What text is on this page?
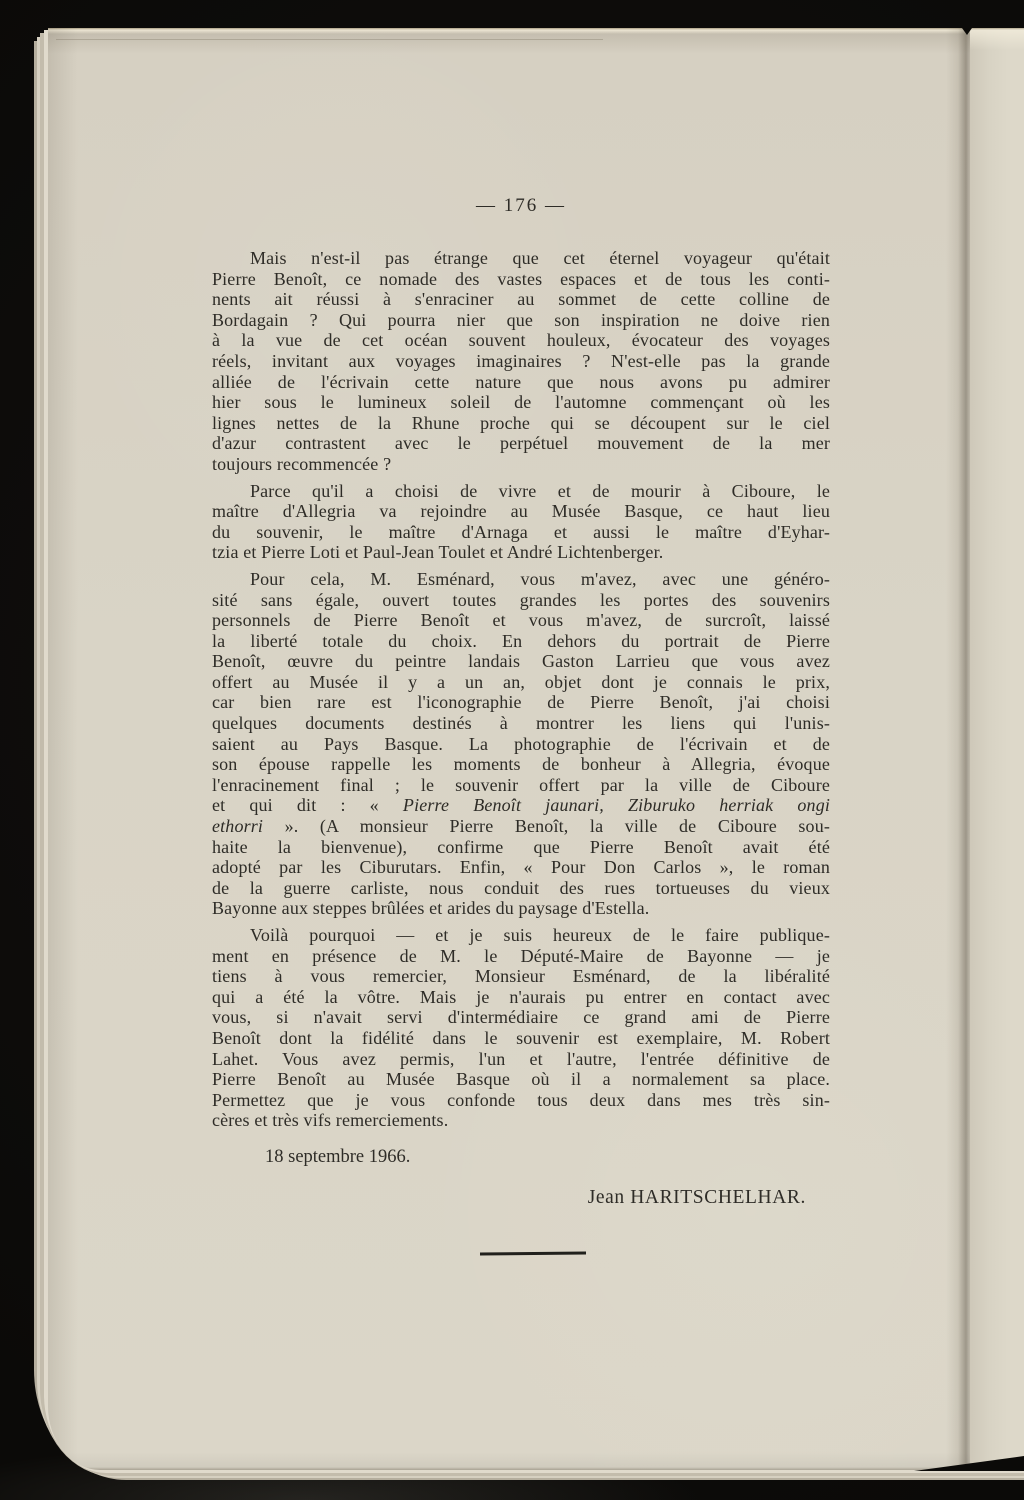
— 176 —
Mais n'est-il pas étrange que cet éternel voyageur qu'était
Pierre Benoît, ce nomade des vastes espaces et de tous les conti-
nents ait réussi à s'enraciner au sommet de cette colline de
Bordagain ? Qui pourra nier que son inspiration ne doive rien
à la vue de cet océan souvent houleux, évocateur des voyages
réels, invitant aux voyages imaginaires ? N'est-elle pas la grande
alliée de l'écrivain cette nature que nous avons pu admirer
hier sous le lumineux soleil de l'automne commençant où les
lignes nettes de la Rhune proche qui se découpent sur le ciel
d'azur contrastent avec le perpétuel mouvement de la mer
toujours recommencée ?
Parce qu'il a choisi de vivre et de mourir à Ciboure, le
maître d'Allegria va rejoindre au Musée Basque, ce haut lieu
du souvenir, le maître d'Arnaga et aussi le maître d'Eyhar-
tzia et Pierre Loti et Paul-Jean Toulet et André Lichtenberger.
Pour cela, M. Esménard, vous m'avez, avec une généro-
sité sans égale, ouvert toutes grandes les portes des souvenirs
personnels de Pierre Benoît et vous m'avez, de surcroît, laissé
la liberté totale du choix. En dehors du portrait de Pierre
Benoît, œuvre du peintre landais Gaston Larrieu que vous avez
offert au Musée il y a un an, objet dont je connais le prix,
car bien rare est l'iconographie de Pierre Benoît, j'ai choisi
quelques documents destinés à montrer les liens qui l'unis-
saient au Pays Basque. La photographie de l'écrivain et de
son épouse rappelle les moments de bonheur à Allegria, évoque
l'enracinement final ; le souvenir offert par la ville de Ciboure
et qui dit : « Pierre Benoît jaunari, Ziburuko herriak ongi
ethorri ». (A monsieur Pierre Benoît, la ville de Ciboure sou-
haite la bienvenue), confirme que Pierre Benoît avait été
adopté par les Ciburutars. Enfin, « Pour Don Carlos », le roman
de la guerre carliste, nous conduit des rues tortueuses du vieux
Bayonne aux steppes brûlées et arides du paysage d'Estella.
Voilà pourquoi — et je suis heureux de le faire publique-
ment en présence de M. le Député-Maire de Bayonne — je
tiens à vous remercier, Monsieur Esménard, de la libéralité
qui a été la vôtre. Mais je n'aurais pu entrer en contact avec
vous, si n'avait servi d'intermédiaire ce grand ami de Pierre
Benoît dont la fidélité dans le souvenir est exemplaire, M. Robert
Lahet. Vous avez permis, l'un et l'autre, l'entrée définitive de
Pierre Benoît au Musée Basque où il a normalement sa place.
Permettez que je vous confonde tous deux dans mes très sin-
cères et très vifs remerciements.
18 septembre 1966.
Jean HARITSCHELHAR.
